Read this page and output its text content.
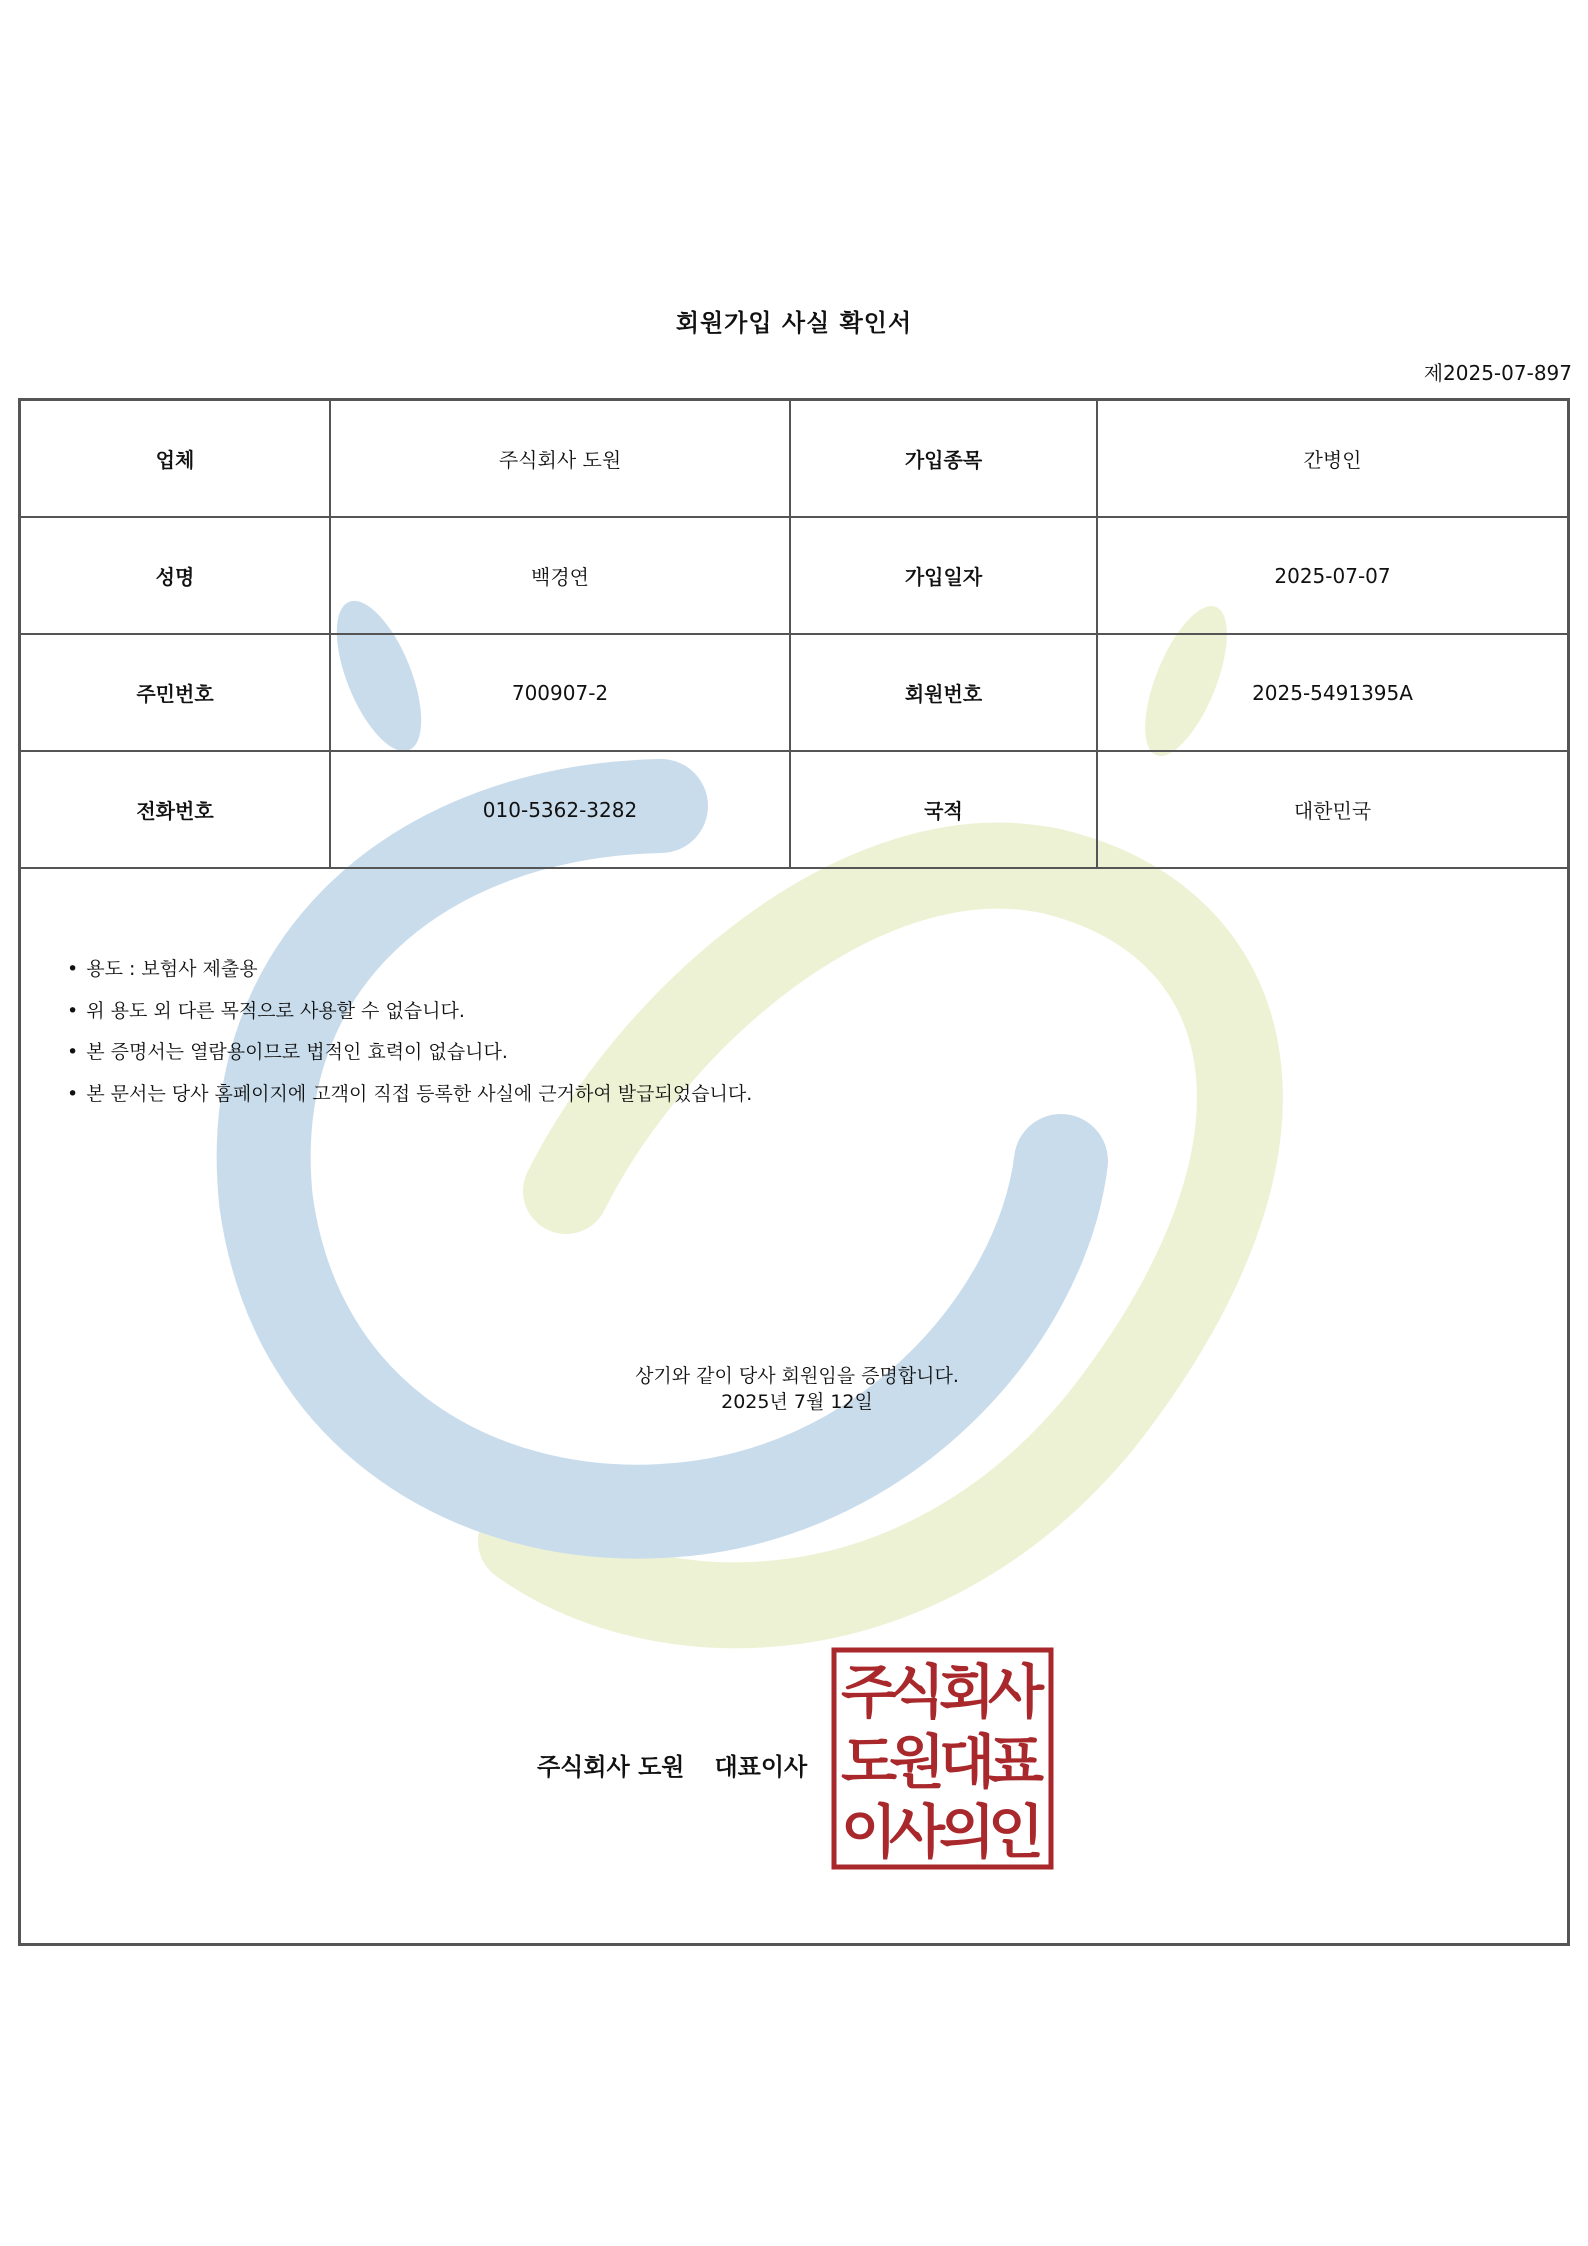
회원가입 사실 확인서
제2025-07-897
업체	주식회사 도원	가입종목	간병인
성명	백경연	가입일자	2025-07-07
주민번호	700907-2	회원번호	2025-5491395A
전화번호	010-5362-3282	국적	대한민국
• 용도 : 보험사 제출용
• 위 용도 외 다른 목적으로 사용할 수 없습니다.
• 본 증명서는 열람용이므로 법적인 효력이 없습니다.
• 본 문서는 당사 홈페이지에 고객이 직접 등록한 사실에 근거하여 발급되었습니다.
상기와 같이 당사 회원임을 증명합니다.
2025년 7월 12일
주식회사 도원 대표이사
주
식
회
사
도
원
대
표
이
사
의
인
